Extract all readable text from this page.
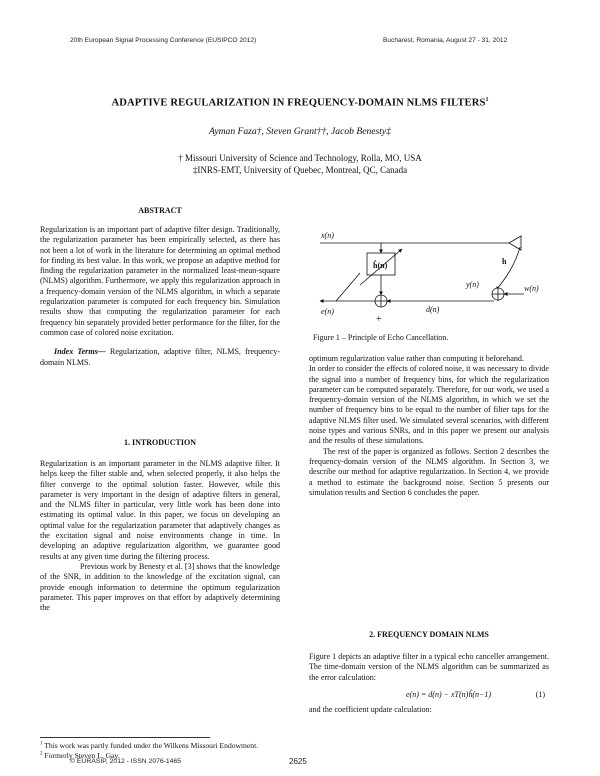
20th European Signal Processing Conference (EUSIPCO 2012)	Bucharest, Romania, August 27 - 31, 2012
ADAPTIVE REGULARIZATION IN FREQUENCY-DOMAIN NLMS FILTERS$^1$
Ayman Faza†, Steven Grant††, Jacob Benesty‡
† Missouri University of Science and Technology, Rolla, MO, USA
‡INRS-EMT, University of Quebec, Montreal, QC, Canada
ABSTRACT

Regularization is an important part of adaptive filter design. Traditionally, the regularization parameter has been empirically selected, as there has not been a lot of work in the literature for determining an optimal method for finding its best value. In this work, we propose an adaptive method for finding the regularization parameter in the normalized least-mean-square (NLMS) algorithm. Furthermore, we apply this regularization approach in a frequency-domain version of the NLMS algorithm, in which a separate regularization parameter is computed for each frequency bin. Simulation results show that computing the regularization parameter for each frequency bin separately provided better performance for the filter, for the common case of colored noise excitation.

Index Terms— Regularization, adaptive filter, NLMS, frequency-domain NLMS.

1. INTRODUCTION

Regularization is an important parameter in the NLMS adaptive filter. It helps keep the filter stable and, when selected properly, it also helps the filter converge to the optimal solution faster. However, while this parameter is very important in the design of adaptive filters in general, and the NLMS filter in particular, very little work has been done into estimating its optimal value. In this paper, we focus on developing an optimal value for the regularization parameter that adaptively changes as the excitation signal and noise environments change in time. In developing an adaptive regularization algorithm, we guarantee good results at any given time during the filtering process.

Previous work by Benesty et al. [3] shows that the knowledge of the SNR, in addition to the knowledge of the excitation signal, can provide enough information to determine the optimum regularization parameter. This paper improves on that effort by adaptively determining the

x(n)
ĥ(n)	h
y(n)	w(n)
e(n)	d(n)
+
Figure 1 – Principle of Echo Cancellation.

optimum regularization value rather than computing it beforehand.

In order to consider the effects of colored noise, it was necessary to divide the signal into a number of frequency bins, for which the regularization parameter can be computed separately. Therefore, for our work, we used a frequency-domain version of the NLMS algorithm, in which we set the number of frequency bins to be equal to the number of filter taps for the adaptive NLMS filter used. We simulated several scenarios, with different noise types and various SNRs, and in this paper we present our analysis and the results of these simulations.

The rest of the paper is organized as follows. Section 2 describes the frequency-domain version of the NLMS algorithm. In Section 3, we describe our method for adaptive regularization. In Section 4, we provide a method to estimate the background noise. Section 5 presents our simulation results and Section 6 concludes the paper.

2. FREQUENCY DOMAIN NLMS

Figure 1 depicts an adaptive filter in a typical echo canceller arrangement. The time-domain version of the NLMS algorithm can be summarized as the error calculation:

e(n) = d(n) − xT(n)ĥ(n−1)	(1)

and the coefficient update calculation:

$^1$ This work was partly funded under the Wilkens Missouri Endowment.
$^2$ Formerly Steven L. Gay.
© EURASIP, 2012 - ISSN 2076-1465	2625
